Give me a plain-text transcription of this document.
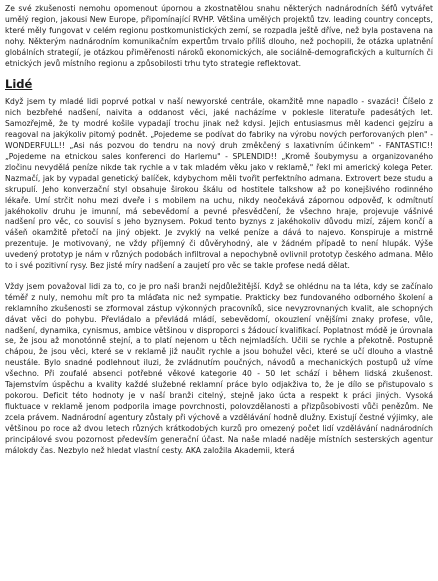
Ze své zkušenosti nemohu opomenout úpornou a zkostnatělou snahu některých nadnárodních šéfů vytvářet umělý region, jakousi New Europe, připomínající RVHP. Většina umělých projektů tzv. leading country concepts, které měly fungovat v celém regionu postkomunistických zemí, se rozpadla ještě dříve, než byla postavena na nohy. Některým nadnárodním komunikačním expertům trvalo příliš dlouho, než pochopili, že otázka uplatnění globálních strategií, je otázkou přiměřenosti nároků ekonomických, ale sociálně-demografických a kulturních či etnických jevů místního regionu a způsobilosti trhu tyto strategie reflektovat.

Lidé

Když jsem ty mladé lidi poprvé potkal v naší newyorské centrále, okamžitě mne napadlo - svazáci! Číšelo z nich bezbřehé nadšení, naivita a oddanost věci, jaké nacházíme v poklesle literatuře padesátých let. Samozřejmě, že ty modré košile vypadají trochu jinak než kdysi. Jejich entusiasmus měl kadenci gejzíru a reagoval na jakýkoliv pitomý podnět. „Pojedeme se podívat do fabriky na výrobu nových perforovaných plen" - WONDERFULL!! „Asi nás pozvou do tendru na nový druh změkčený s laxativním účinkem" - FANTASTIC!! „Pojedeme na etnickou sales konferenci do Harlemu" - SPLENDID!! „Kromě šoubymysu a organizovaného zločinu nevydělá peníze nikde tak rychle a v tak mladém věku jako v reklamě," řekl mi americký kolega Peter. Nazmačí, jak by vypadal genetický balíček, kdybychom měli tvořit perfektního admana. Extrovert beze studu a skrupulí. Jeho konverzační styl obsahuje širokou škálu od hostitele talkshow až po konejšivého rodinného lékaře. Umí strčit nohu mezi dveře i s mobilem na uchu, nikdy neočekává zápornou odpověď, k odmítnutí jakéhokoliv druhu je imunní, má sebevědomí a pevné přesvědčení, že všechno hraje, projevuje vášnivé nadšení pro věc, co souvisí s jeho byznysem. Pokud tento byznys z jakéhokoliv důvodu mizí, zájem končí a vášeň okamžitě přetočí na jiný objekt. Je zvyklý na velké peníze a dává to najevo. Konspiruje a mistrně prezentuje. Je motivovaný, ne vždy příjemný či důvěryhodný, ale v žádném případě to není hlupák. Výše uvedený prototyp je nám v různých podobách infiltroval a nepochybně ovlivnil prototyp českého admana. Mělo to i své pozitivní rysy. Bez jisté míry nadšení a zaujetí pro věc se takle profese nedá dělat.

Vždy jsem považoval lidi za to, co je pro naši branži nejdůležitější. Když se ohlédnu na ta léta, kdy se začínalo téměř z nuly, nemohu mít pro ta mláďata nic než sympatie. Prakticky bez fundovaného odborného školení a reklamního zkušenosti se zformoval zástup výkonných pracovníků, sice nevyzrovnaných kvalit, ale schopných dávat věci do pohybu. Převládalo a převládá mládí, sebevědomí, okouzlení vnějšími znaky profese, vůle, nadšení, dynamika, cynismus, ambice většinou v disproporci s žádoucí kvalifikací. Poplatnost módě je úrovnala se, že jsou až monotónně stejní, a to platí nejenom u těch nejmladších. Učili se rychle a překotně. Postupně chápou, že jsou věci, které se v reklamě již naučit rychle a jsou bohužel věci, které se učí dlouho a vlastně neustále. Bylo snadné podlehnout iluzi, že zvládnutím poučných, návodů a mechanických postupů už víme všechno. Při zoufalé absenci potřebné věkové kategorie 40 - 50 let schází i během lidská zkušenost. Tajemstvím úspěchu a kvality každé služebné reklamní práce bylo odjakživa to, že je dílo se přistupovalo s pokorou. Deficit této hodnoty je v naší branži citelný, stejně jako úcta a respekt k práci jiných. Vysoká fluktuace v reklamě jenom podporila image povrchnosti, polovzdělanosti a přizpůsobivosti vůči penězům. Ne zcela právem. Nadnárodní agentury zůstaly při výchově a vzdělávání hodně dlužny. Existují čestné výjimky, ale většinou po roce až dvou letech různých krátkodobých kurzů pro omezený počet lidí vzdělávání nadnárodních principálové svou pozornost především generační účast. Na naše mladé naděje místních sesterských agentur málokdy čas. Nezbylo než hledat vlastní cesty. AKA založila Akademii, která
